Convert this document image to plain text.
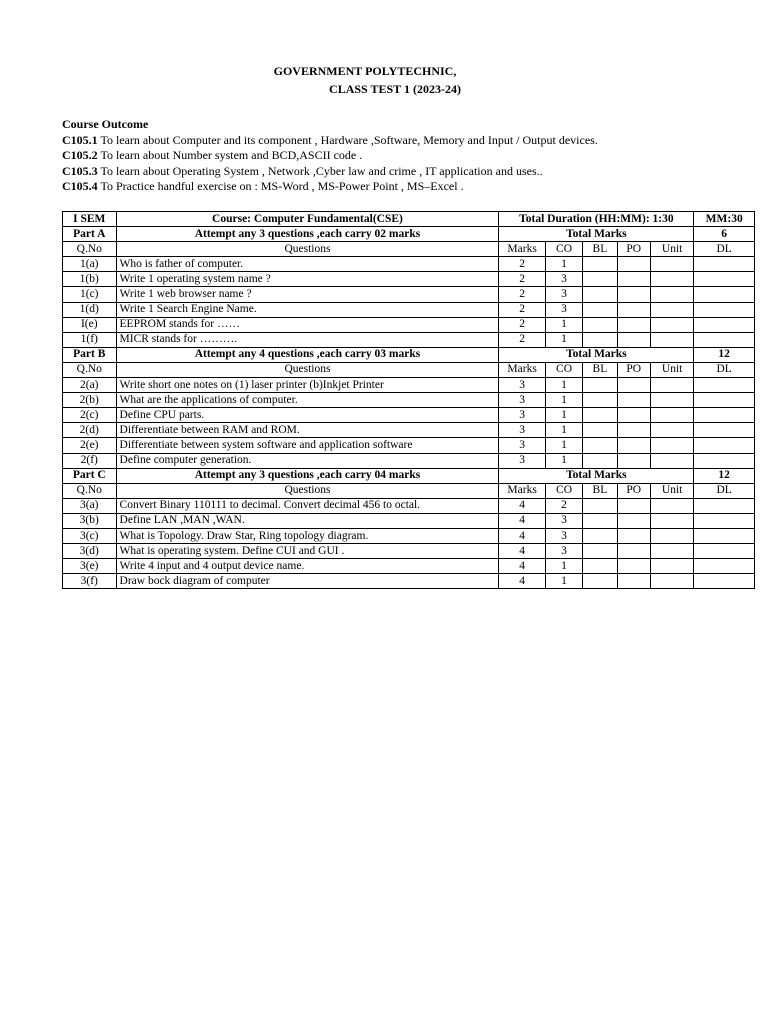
GOVERNMENT POLYTECHNIC,
CLASS TEST 1 (2023-24)
Course Outcome
C105.1 To learn about Computer and its component , Hardware ,Software, Memory and Input / Output devices.
C105.2 To learn about Number system and BCD,ASCII code .
C105.3 To learn about Operating System , Network ,Cyber law and crime , IT application and uses..
C105.4 To Practice handful exercise on : MS-Word , MS-Power Point , MS–Excel .
I SEM	Course: Computer Fundamental(CSE)	Total Duration (HH:MM): 1:30					MM:30
Part A	Attempt any 3 questions ,each carry 02 marks	Total Marks					6
Q.No	Questions	Marks	CO	BL	PO	Unit	DL
1(a)	Who is father of computer.	2	1				
1(b)	Write 1 operating system name ?	2	3				
1(c)	Write 1 web browser name ?	2	3				
1(d)	Write 1 Search Engine Name.	2	3				
I(e)	EEPROM stands for ……	2	1				
1(f)	MICR stands for ……….	2	1				
Part B	Attempt any 4 questions ,each carry 03 marks	Total Marks					12
Q.No	Questions	Marks	CO	BL	PO	Unit	DL
2(a)	Write short one notes on (1) laser printer (b)Inkjet Printer	3	1				
2(b)	What are the applications of computer.	3	1				
2(c)	Define CPU parts.	3	1				
2(d)	Differentiate between RAM and ROM.	3	1				
2(e)	Differentiate between system software and application software	3	1				
2(f)	Define computer generation.	3	1				
Part C	Attempt any 3 questions ,each carry 04 marks	Total Marks					12
Q.No	Questions	Marks	CO	BL	PO	Unit	DL
3(a)	Convert Binary 110111 to decimal. Convert decimal 456 to octal.	4	2				
3(b)	Define LAN ,MAN ,WAN.	4	3				
3(c)	What is Topology. Draw Star, Ring topology diagram.	4	3				
3(d)	What is operating system. Define CUI and GUI .	4	3				
3(e)	Write 4 input and 4 output device name.	4	1				
3(f)	Draw bock diagram of computer	4	1				
